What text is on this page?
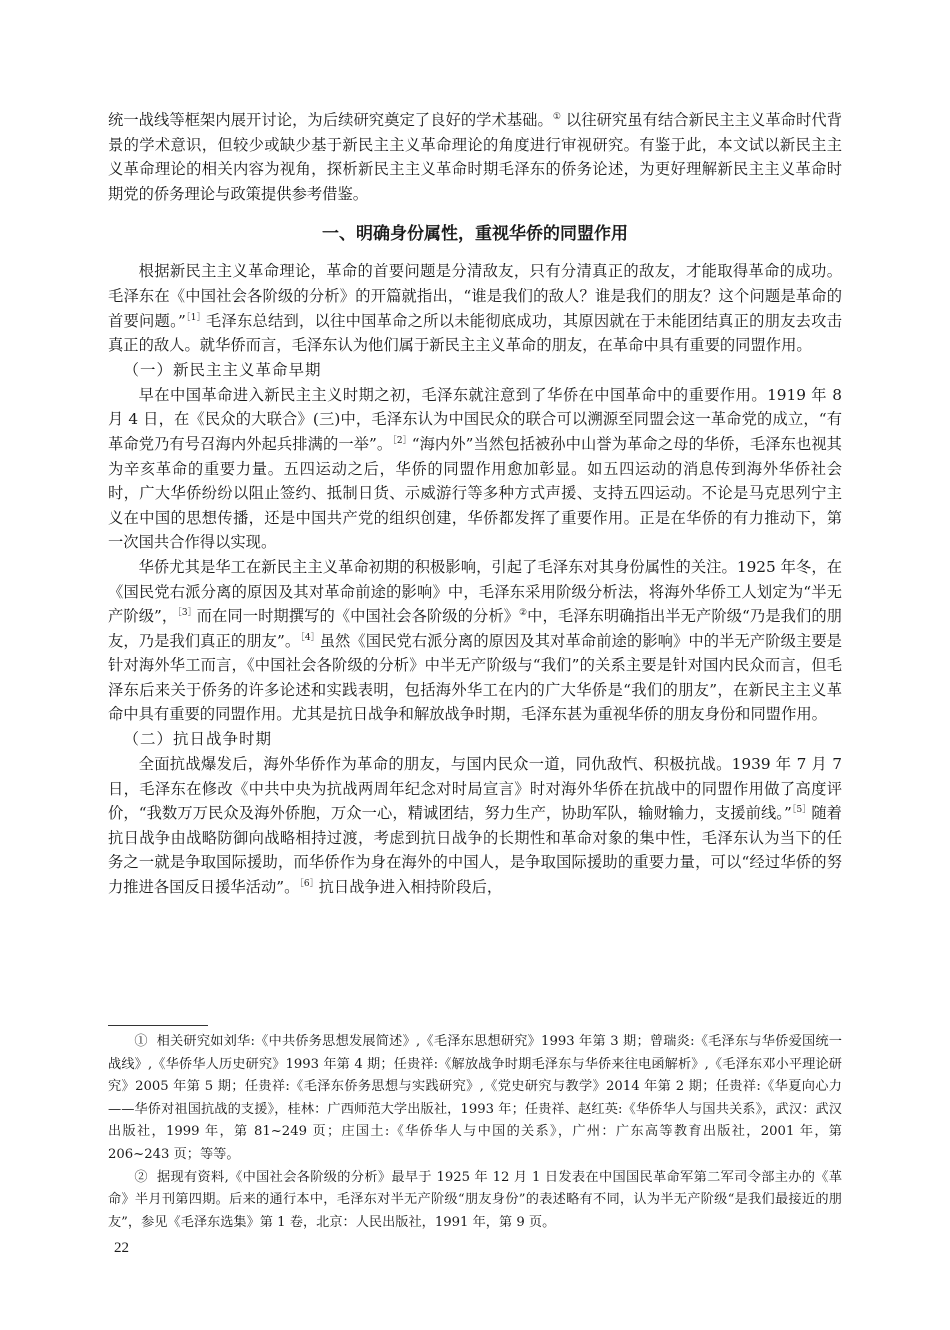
统一战线等框架内展开讨论，为后续研究奠定了良好的学术基础。① 以往研究虽有结合新民主主义革命时代背景的学术意识，但较少或缺少基于新民主主义革命理论的角度进行审视研究。有鉴于此，本文试以新民主主义革命理论的相关内容为视角，探析新民主主义革命时期毛泽东的侨务论述，为更好理解新民主主义革命时期党的侨务理论与政策提供参考借鉴。

一、明确身份属性，重视华侨的同盟作用

根据新民主主义革命理论，革命的首要问题是分清敌友，只有分清真正的敌友，才能取得革命的成功。毛泽东在《中国社会各阶级的分析》的开篇就指出，“谁是我们的敌人？谁是我们的朋友？这个问题是革命的首要问题。”$^{[1]}$毛泽东总结到，以往中国革命之所以未能彻底成功，其原因就在于未能团结真正的朋友去攻击真正的敌人。就华侨而言，毛泽东认为他们属于新民主主义革命的朋友，在革命中具有重要的同盟作用。

（一）新民主主义革命早期

早在中国革命进入新民主主义时期之初，毛泽东就注意到了华侨在中国革命中的重要作用。1919 年 8 月 4 日，在《民众的大联合》(三)中，毛泽东认为中国民众的联合可以溯源至同盟会这一革命党的成立，“有革命党乃有号召海内外起兵排满的一举”。$^{[2]}$“海内外”当然包括被孙中山誉为革命之母的华侨，毛泽东也视其为辛亥革命的重要力量。五四运动之后，华侨的同盟作用愈加彰显。如五四运动的消息传到海外华侨社会时，广大华侨纷纷以阻止签约、抵制日货、示威游行等多种方式声援、支持五四运动。不论是马克思列宁主义在中国的思想传播，还是中国共产党的组织创建，华侨都发挥了重要作用。正是在华侨的有力推动下，第一次国共合作得以实现。

华侨尤其是华工在新民主主义革命初期的积极影响，引起了毛泽东对其身份属性的关注。1925 年冬，在《国民党右派分离的原因及其对革命前途的影响》中，毛泽东采用阶级分析法，将海外华侨工人划定为“半无产阶级”，$^{[3]}$而在同一时期撰写的《中国社会各阶级的分析》②中，毛泽东明确指出半无产阶级“乃是我们的朋友，乃是我们真正的朋友”。$^{[4]}$虽然《国民党右派分离的原因及其对革命前途的影响》中的半无产阶级主要是针对海外华工而言，《中国社会各阶级的分析》中半无产阶级与“我们”的关系主要是针对国内民众而言，但毛泽东后来关于侨务的许多论述和实践表明，包括海外华工在内的广大华侨是“我们的朋友”，在新民主主义革命中具有重要的同盟作用。尤其是抗日战争和解放战争时期，毛泽东甚为重视华侨的朋友身份和同盟作用。

（二）抗日战争时期

全面抗战爆发后，海外华侨作为革命的朋友，与国内民众一道，同仇敌忾、积极抗战。1939 年 7 月 7 日，毛泽东在修改《中共中央为抗战两周年纪念对时局宣言》时对海外华侨在抗战中的同盟作用做了高度评价，“我数万万民众及海外侨胞，万众一心，精诚团结，努力生产，协助军队，输财输力，支援前线。”$^{[5]}$随着抗日战争由战略防御向战略相持过渡，考虑到抗日战争的长期性和革命对象的集中性，毛泽东认为当下的任务之一就是争取国际援助，而华侨作为身在海外的中国人，是争取国际援助的重要力量，可以“经过华侨的努力推进各国反日援华活动”。$^{[6]}$抗日战争进入相持阶段后，

① 相关研究如刘华:《中共侨务思想发展简述》,《毛泽东思想研究》1993 年第 3 期；曾瑞炎:《毛泽东与华侨爱国统一战线》,《华侨华人历史研究》1993 年第 4 期；任贵祥:《解放战争时期毛泽东与华侨来往电函解析》,《毛泽东邓小平理论研究》2005 年第 5 期；任贵祥:《毛泽东侨务思想与实践研究》,《党史研究与教学》2014 年第 2 期；任贵祥:《华夏向心力——华侨对祖国抗战的支援》，桂林：广西师范大学出版社，1993 年；任贵祥、赵红英:《华侨华人与国共关系》，武汉：武汉出版社，1999 年，第 81~249 页；庄国土:《华侨华人与中国的关系》，广州：广东高等教育出版社，2001 年，第 206~243 页；等等。

② 据现有资料,《中国社会各阶级的分析》最早于 1925 年 12 月 1 日发表在中国国民革命军第二军司令部主办的《革命》半月刊第四期。后来的通行本中，毛泽东对半无产阶级“朋友身份”的表述略有不同，认为半无产阶级“是我们最接近的朋友”，参见《毛泽东选集》第 1 卷，北京：人民出版社，1991 年，第 9 页。

22
